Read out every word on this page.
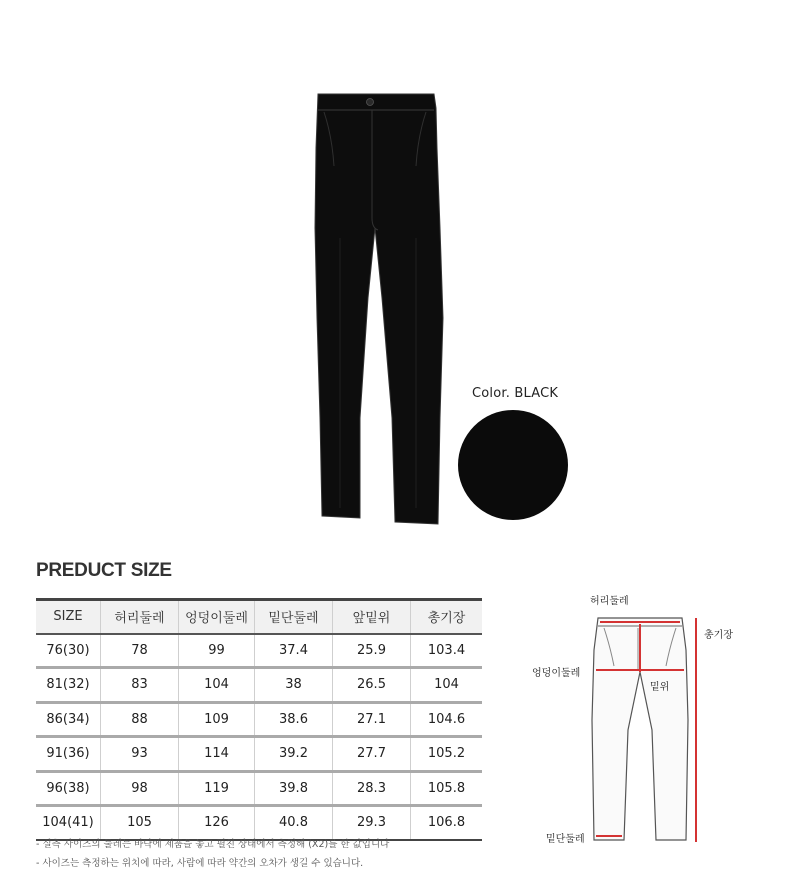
Color. BLACK
PREDUCT SIZE
SIZE	허리둘레	엉덩이둘레	밑단둘레	앞밑위	총기장
76(30)	78	99	37.4	25.9	103.4
81(32)	83	104	38	26.5	104
86(34)	88	109	38.6	27.1	104.6
91(36)	93	114	39.2	27.7	105.2
96(38)	98	119	39.8	28.3	105.8
104(41)	105	126	40.8	29.3	106.8
- 실측 사이즈의 둘레는 바닥에 제품을 놓고 펼친 상태에서 측정해 (X2)를 한 값입니다
- 사이즈는 측정하는 위치에 따라, 사람에 따라 약간의 오차가 생길 수 있습니다.
허리둘레
엉덩이둘레
밑위
총기장
밑단둘레
